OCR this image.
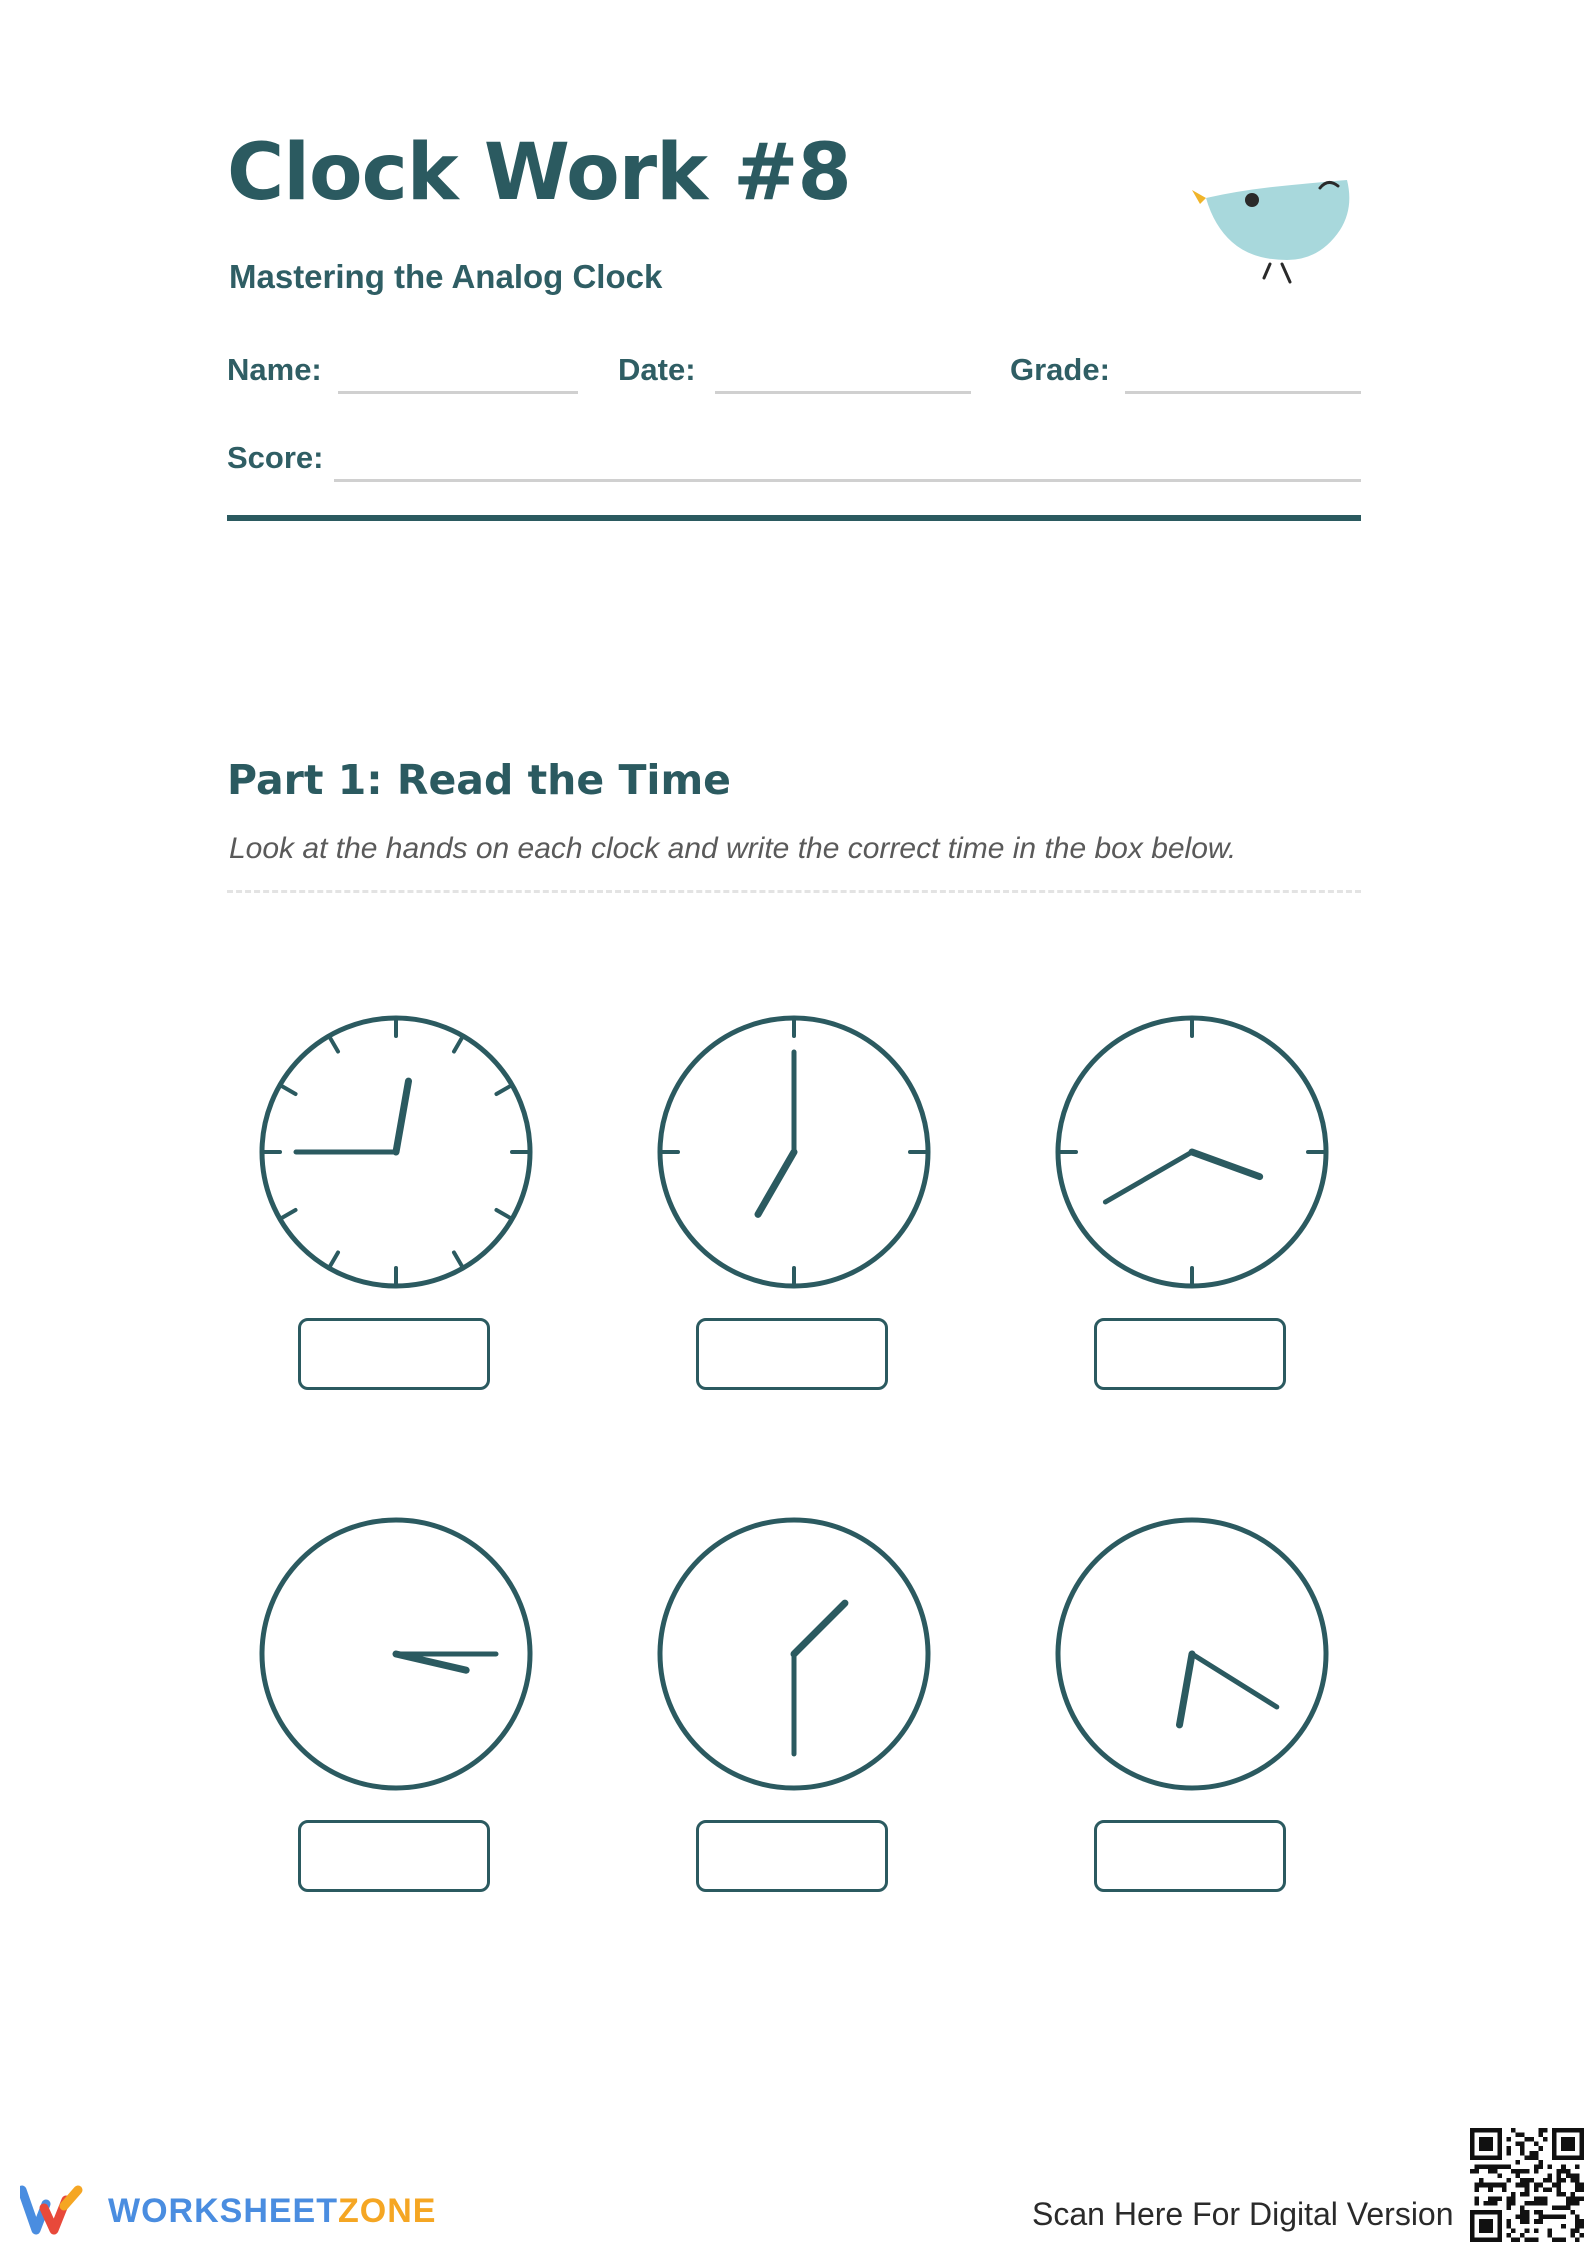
Clock Work #8

Mastering the Analog Clock

Name:	Date:	Grade:
Score:
Part 1: Read the Time

Look at the hands on each clock and write the correct time in the box below.

WORKSHEETZONE	Scan Here For Digital Version
